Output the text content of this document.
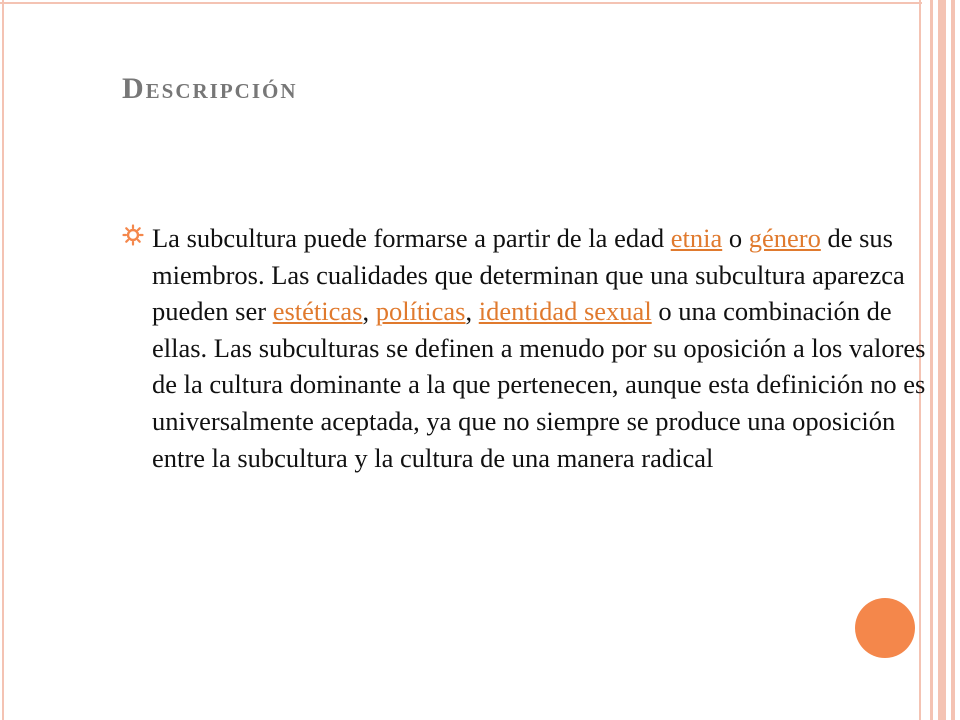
Descripción
La subcultura puede formarse a partir de la edad etnia o género de sus miembros. Las cualidades que determinan que una subcultura aparezca pueden ser estéticas, políticas, identidad sexual o una combinación de ellas. Las subculturas se definen a menudo por su oposición a los valores de la cultura dominante a la que pertenecen, aunque esta definición no es universalmente aceptada, ya que no siempre se produce una oposición entre la subcultura y la cultura de una manera radical
